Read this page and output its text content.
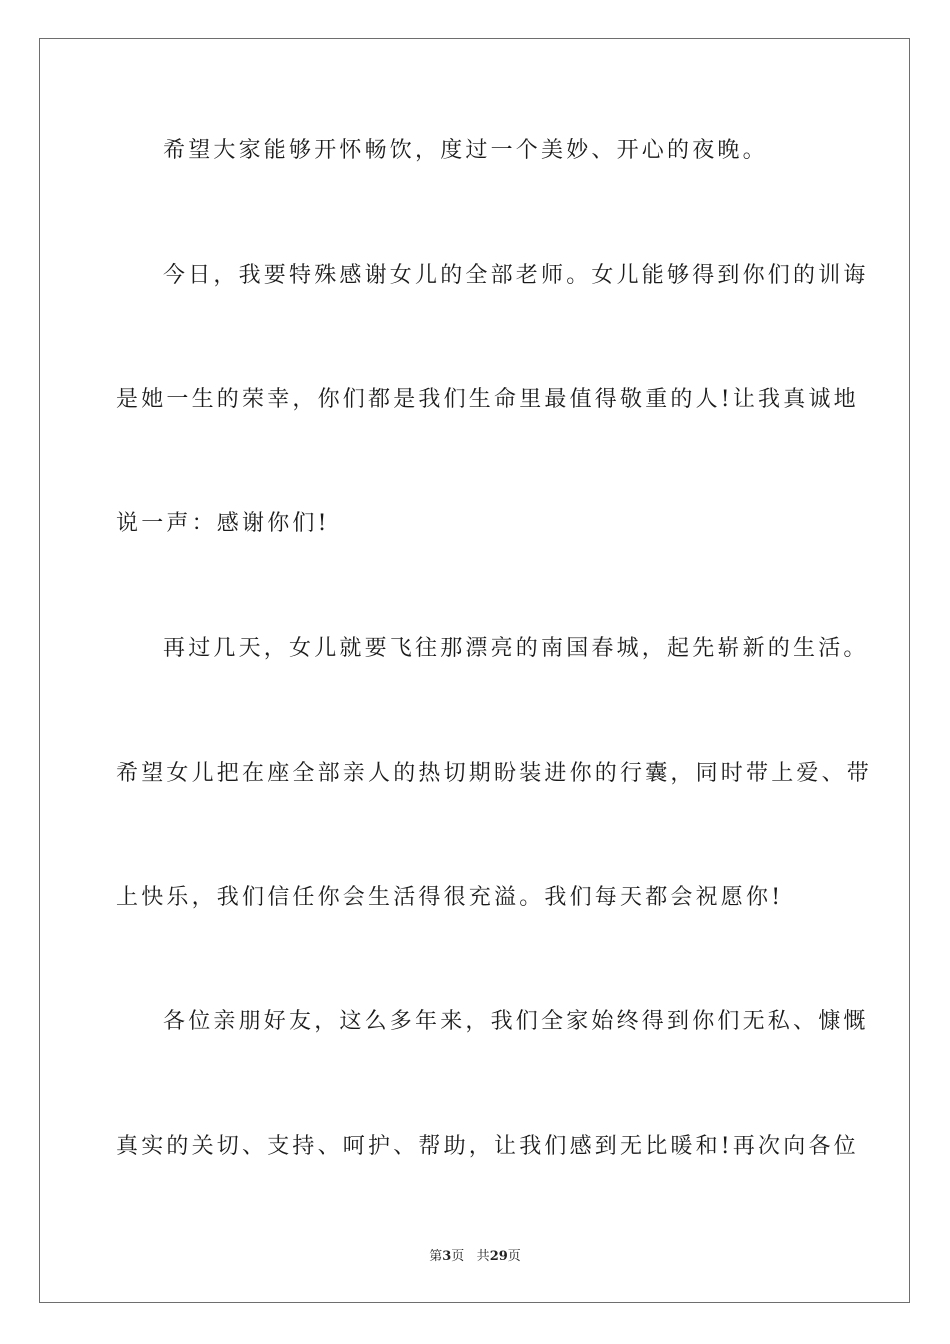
希望大家能够开怀畅饮，度过一个美妙、开心的夜晚。
今日，我要特殊感谢女儿的全部老师。女儿能够得到你们的训诲
是她一生的荣幸，你们都是我们生命里最值得敬重的人!让我真诚地
说一声：感谢你们!
再过几天，女儿就要飞往那漂亮的南国春城，起先崭新的生活。
希望女儿把在座全部亲人的热切期盼装进你的行囊，同时带上爱、带
上快乐，我们信任你会生活得很充溢。我们每天都会祝愿你!
各位亲朋好友，这么多年来，我们全家始终得到你们无私、慷慨
真实的关切、支持、呵护、帮助，让我们感到无比暖和!再次向各位
第3页 共29页
